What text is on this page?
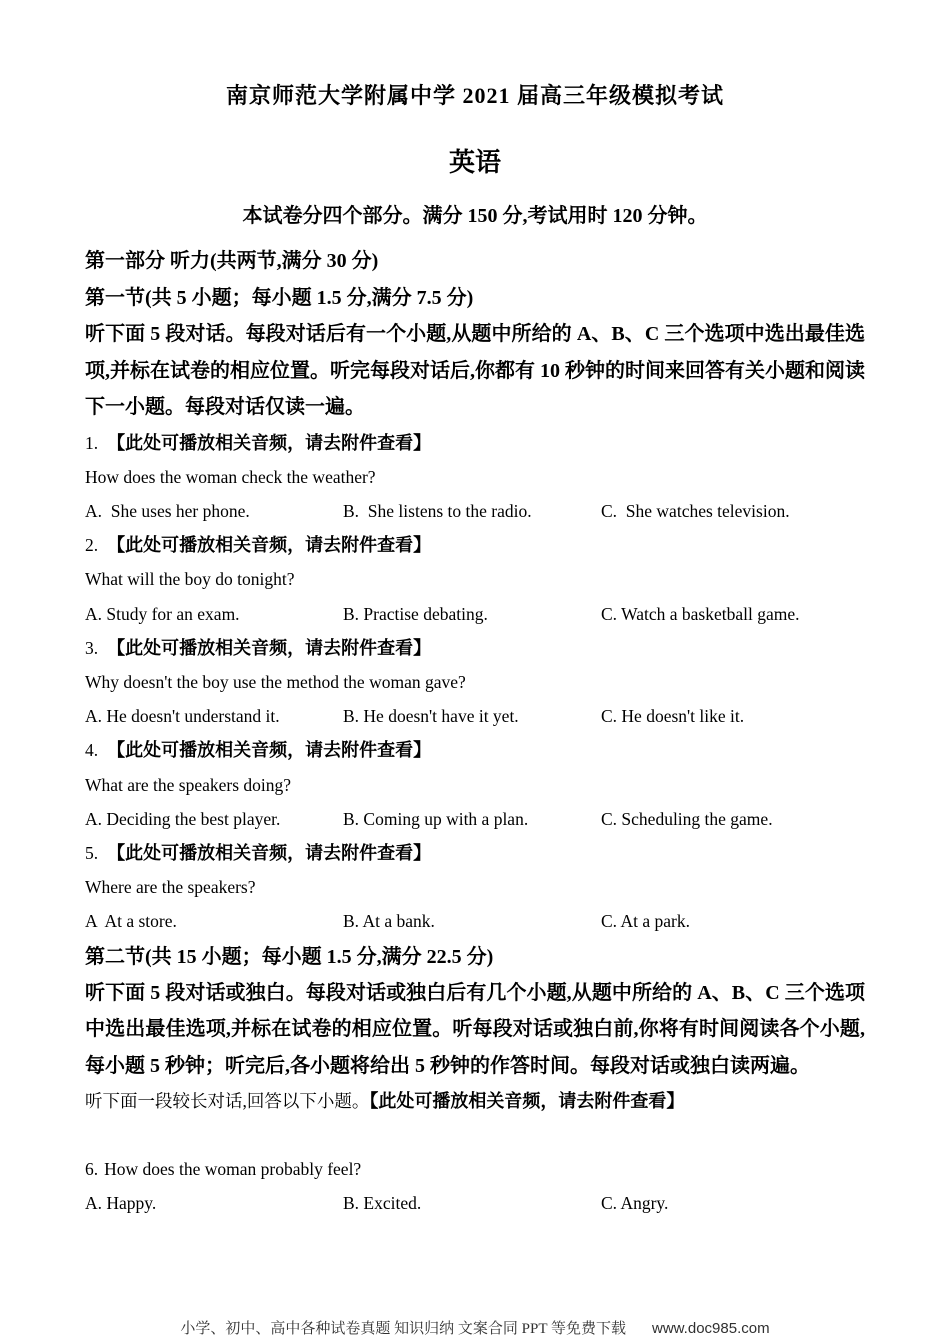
南京师范大学附属中学 2021 届高三年级模拟考试
英语
本试卷分四个部分。满分 150 分,考试用时 120 分钟。
第一部分 听力(共两节,满分 30 分)
第一节(共 5 小题；每小题 1.5 分,满分 7.5 分)
听下面 5 段对话。每段对话后有一个小题,从题中所给的 A、B、C 三个选项中选出最佳选项,并标在试卷的相应位置。听完每段对话后,你都有 10 秒钟的时间来回答有关小题和阅读下一小题。每段对话仅读一遍。
1. 【此处可播放相关音频，请去附件查看】
How does the woman check the weather?
A.  She uses her phone.	B.  She listens to the radio.	C.  She watches television.
2. 【此处可播放相关音频，请去附件查看】
What will the boy do tonight?
A. Study for an exam.	B. Practise debating.	C. Watch a basketball game.
3. 【此处可播放相关音频，请去附件查看】
Why doesn't the boy use the method the woman gave?
A. He doesn't understand it.	B. He doesn't have it yet.	C. He doesn't like it.
4. 【此处可播放相关音频，请去附件查看】
What are the speakers doing?
A. Deciding the best player.	B. Coming up with a plan.	C. Scheduling the game.
5. 【此处可播放相关音频，请去附件查看】
Where are the speakers?
A  At a store.	B. At a bank.	C. At a park.
第二节(共 15 小题；每小题 1.5 分,满分 22.5 分)
听下面 5 段对话或独白。每段对话或独白后有几个小题,从题中所给的 A、B、C 三个选项中选出最佳选项,并标在试卷的相应位置。听每段对话或独白前,你将有时间阅读各个小题,每小题 5 秒钟；听完后,各小题将给出 5 秒钟的作答时间。每段对话或独白读两遍。
听下面一段较长对话,回答以下小题。【此处可播放相关音频，请去附件查看】
6. How does the woman probably feel?
A. Happy.	B. Excited.	C. Angry.
小学、初中、高中各种试卷真题 知识归纳 文案合同 PPT 等免费下载 www.doc985.com
